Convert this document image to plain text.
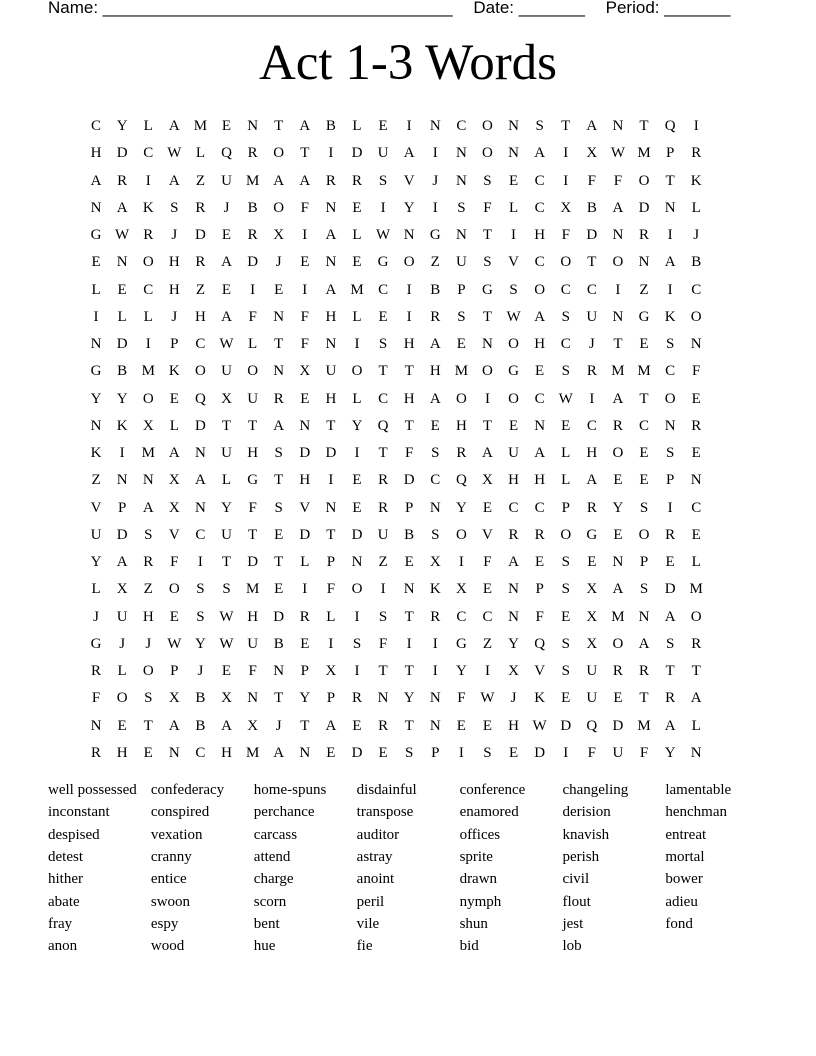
Name: _____________________________________ Date: _______ Period: _______
Act 1-3 Words
C	Y	L	A M E	N	T	A	B	L	E	I	N	C	O	N	S	T	A	N	T	Q	I
H	D	C W L	Q	R	O	T	I	D	U	A	I	N	O	N	A	I	X W M	P	R
A	R	I	A	Z	U M A	A	R	R	S	V	J	N	S	E	C	I	F	F	O	T	K
N	A	K	S	R	J	B	O	F	N	E	I	Y	I	S	F	L	C	X	B	A	D	N	L
G W R	J	D	E	R	X	I	A	L W N	G	N	T	I	H	F	D	N	R	I	J
E	N	O	H	R	A	D	J	E	N	E	G	O	Z	U	S	V	C	O	T	O	N	A	B
L	E	C	H	Z	E	I	E	I	A M C	I	B	P	G	S	O	C	C	I	Z	I	C
I	L	L	J	H	A	F	N	F	H	L	E	I	R	S	T W A	S	U	N	G	K	O
N	D	I	P	C W L	T	F	N	I	S	H	A	E	N	O	H	C	J	T	E	S	N
G	B M K	O	U	O	N	X	U	O	T	T	H M O	G	E	S	R M M C	F
Y	Y	O	E	Q	X	U	R	E	H	L	C	H	A	O	I	O	C W	I	A	T	O	E
N	K	X	L	D	T	T	A	N	T	Y	Q	T	E	H	T	E	N	E	C	R	C	N	R
K	I	M A	N	U	H	S	D	D	I	T	F	S	R	A	U	A	L	H	O	E	S	E
Z	N	N	X	A	L	G	T	H	I	E	R	D	C	Q	X	H	H	L	A	E	E	P	N
V	P	A	X	N	Y	F	S	V	N	E	R	P	N	Y	E	C	C	P	R	Y	S	I	C
U	D	S	V	C	U	T	E	D	T	D	U	B	S	O	V	R	R	O	G	E	O	R	E
Y	A	R	F	I	T	D	T	L	P	N	Z	E	X	I	F	A	E	S	E	N	P	E	L
L	X	Z	O	S	S	M E	I	F	O	I	N	K	X	E	N	P	S	X	A	S	D M
J	U	H	E	S W H	D	R	L	I	S	T	R	C	C	N	F	E	X M N	A	O
G	J	J	W Y W U	B	E	I	S	F	I	I	G	Z	Y	Q	S	X	O	A	S	R
R	L	O	P	J	E	F	N	P	X	I	T	T	I	Y	I	X	V	S	U	R	R	T	T
F	O	S	X	B	X	N	T	Y	P	R	N	Y	N	F W	J	K	E	U	E	T	R	A
N	E	T	A	B	A	X	J	T	A	E	R	T	N	E	E	H W D	Q	D M A	L
R	H	E	N	C	H M A	N	E	D	E	S	P	I	S	E	D	I	F	U	F	Y	N
well possessed
inconstant
despised
detest
hither
abate
fray
anon
confederacy
conspired
vexation
cranny
entice
swoon
espy
wood
home-spuns
perchance
carcass
attend
charge
scorn
bent
hue
disdainful
transpose
auditor
astray
anoint
peril
vile
fie
conference
enamored
offices
sprite
drawn
nymph
shun
bid
changeling
derision
knavish
perish
civil
flout
jest
lob
lamentable
henchman
entreat
mortal
bower
adieu
fond
